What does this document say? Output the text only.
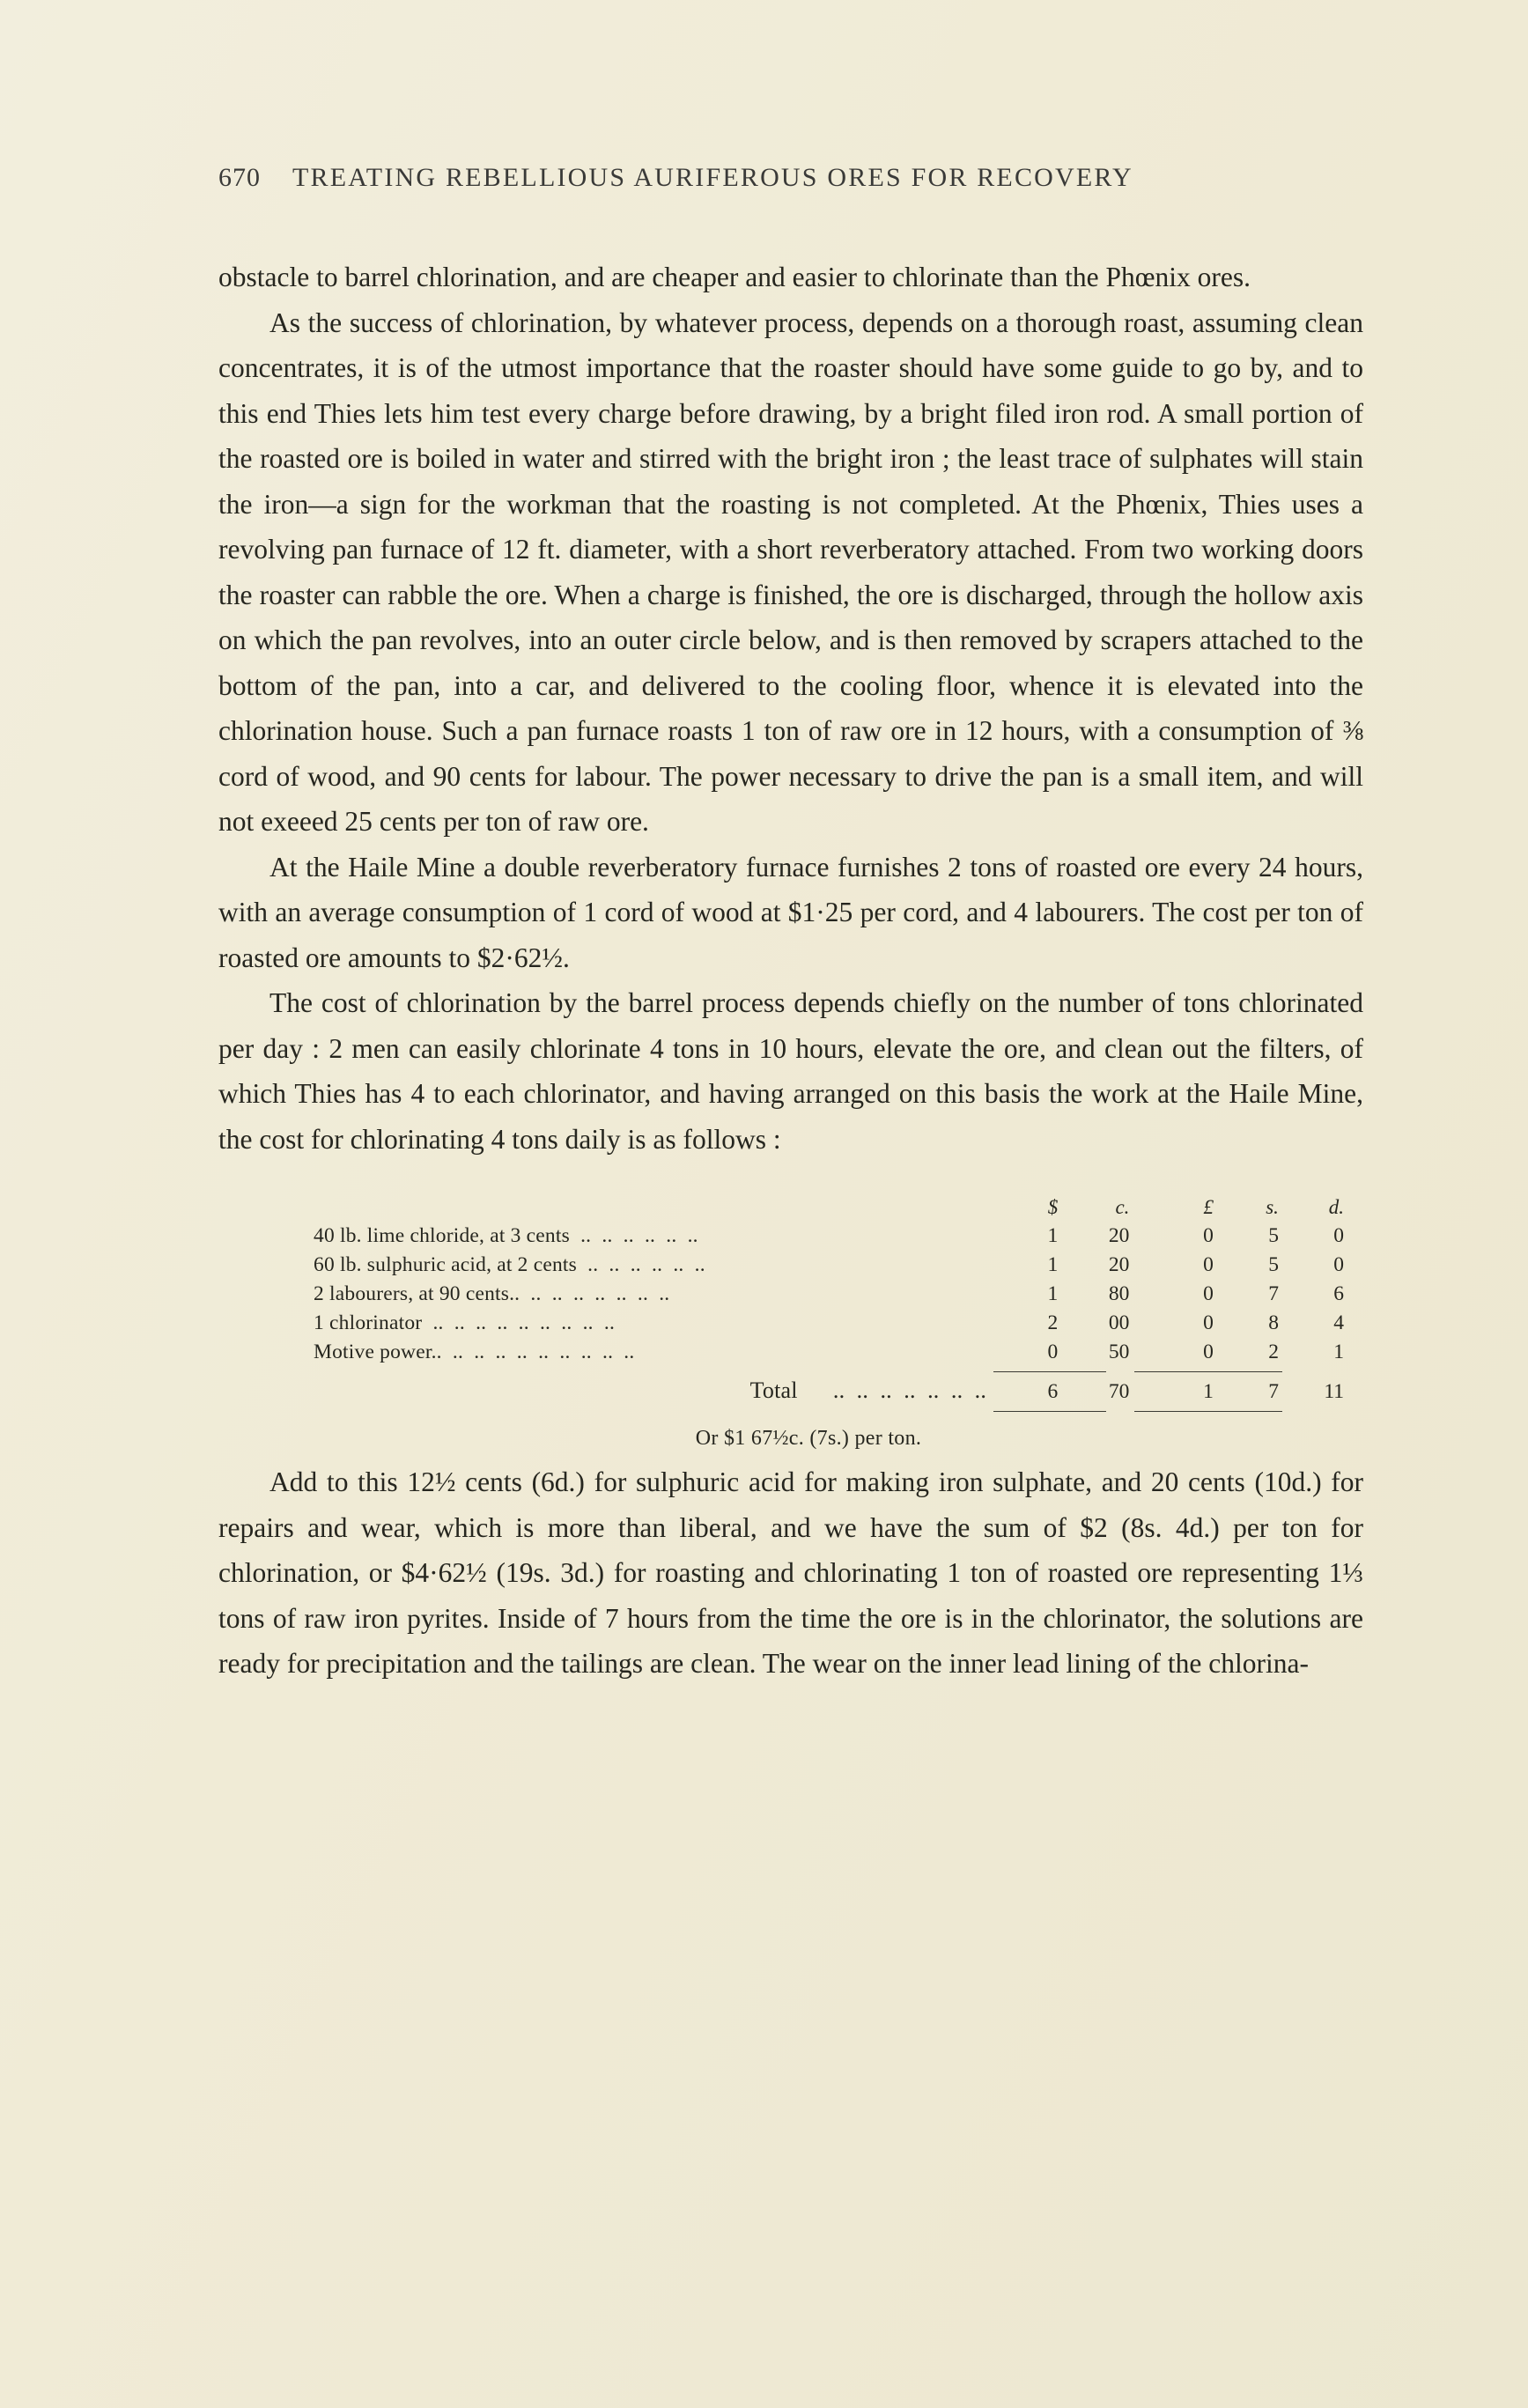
670 TREATING REBELLIOUS AURIFEROUS ORES FOR RECOVERY

obstacle to barrel chlorination, and are cheaper and easier to chlorinate than the Phœnix ores.

As the success of chlorination, by whatever process, depends on a thorough roast, assuming clean concentrates, it is of the utmost importance that the roaster should have some guide to go by, and to this end Thies lets him test every charge before drawing, by a bright filed iron rod. A small portion of the roasted ore is boiled in water and stirred with the bright iron ; the least trace of sulphates will stain the iron—a sign for the workman that the roasting is not completed. At the Phœnix, Thies uses a revolving pan furnace of 12 ft. diameter, with a short reverberatory attached. From two working doors the roaster can rabble the ore. When a charge is finished, the ore is discharged, through the hollow axis on which the pan revolves, into an outer circle below, and is then removed by scrapers attached to the bottom of the pan, into a car, and delivered to the cooling floor, whence it is elevated into the chlorination house. Such a pan furnace roasts 1 ton of raw ore in 12 hours, with a consumption of ⅜ cord of wood, and 90 cents for labour. The power necessary to drive the pan is a small item, and will not exeeed 25 cents per ton of raw ore.

At the Haile Mine a double reverberatory furnace furnishes 2 tons of roasted ore every 24 hours, with an average consumption of 1 cord of wood at $1·25 per cord, and 4 labourers. The cost per ton of roasted ore amounts to $2·62½.

The cost of chlorination by the barrel process depends chiefly on the number of tons chlorinated per day : 2 men can easily chlorinate 4 tons in 10 hours, elevate the ore, and clean out the filters, of which Thies has 4 to each chlorinator, and having arranged on this basis the work at the Haile Mine, the cost for chlorinating 4 tons daily is as follows :

	$	c.	£	s.	d.
40 lb. lime chloride, at 3 cents  ..  ..  ..  ..  ..  ..	1	20	0	5	0
60 lb. sulphuric acid, at 2 cents  ..  ..  ..  ..  ..  ..	1	20	0	5	0
2 labourers, at 90 cents..  ..  ..  ..  ..  ..  ..  ..	1	80	0	7	6
1 chlorinator  ..  ..  ..  ..  ..  ..  ..  ..  ..	2	00	0	8	4
Motive power..  ..  ..  ..  ..  ..  ..  ..  ..  ..	0	50	0	2	1

Total      ..  ..  ..  ..  ..  ..  ..	6	70	1	7	11

Or $1 67½c. (7s.) per ton.

Add to this 12½ cents (6d.) for sulphuric acid for making iron sulphate, and 20 cents (10d.) for repairs and wear, which is more than liberal, and we have the sum of $2 (8s. 4d.) per ton for chlorination, or $4·62½ (19s. 3d.) for roasting and chlorinating 1 ton of roasted ore representing 1⅓ tons of raw iron pyrites. Inside of 7 hours from the time the ore is in the chlorinator, the solutions are ready for precipitation and the tailings are clean. The wear on the inner lead lining of the chlorina-
